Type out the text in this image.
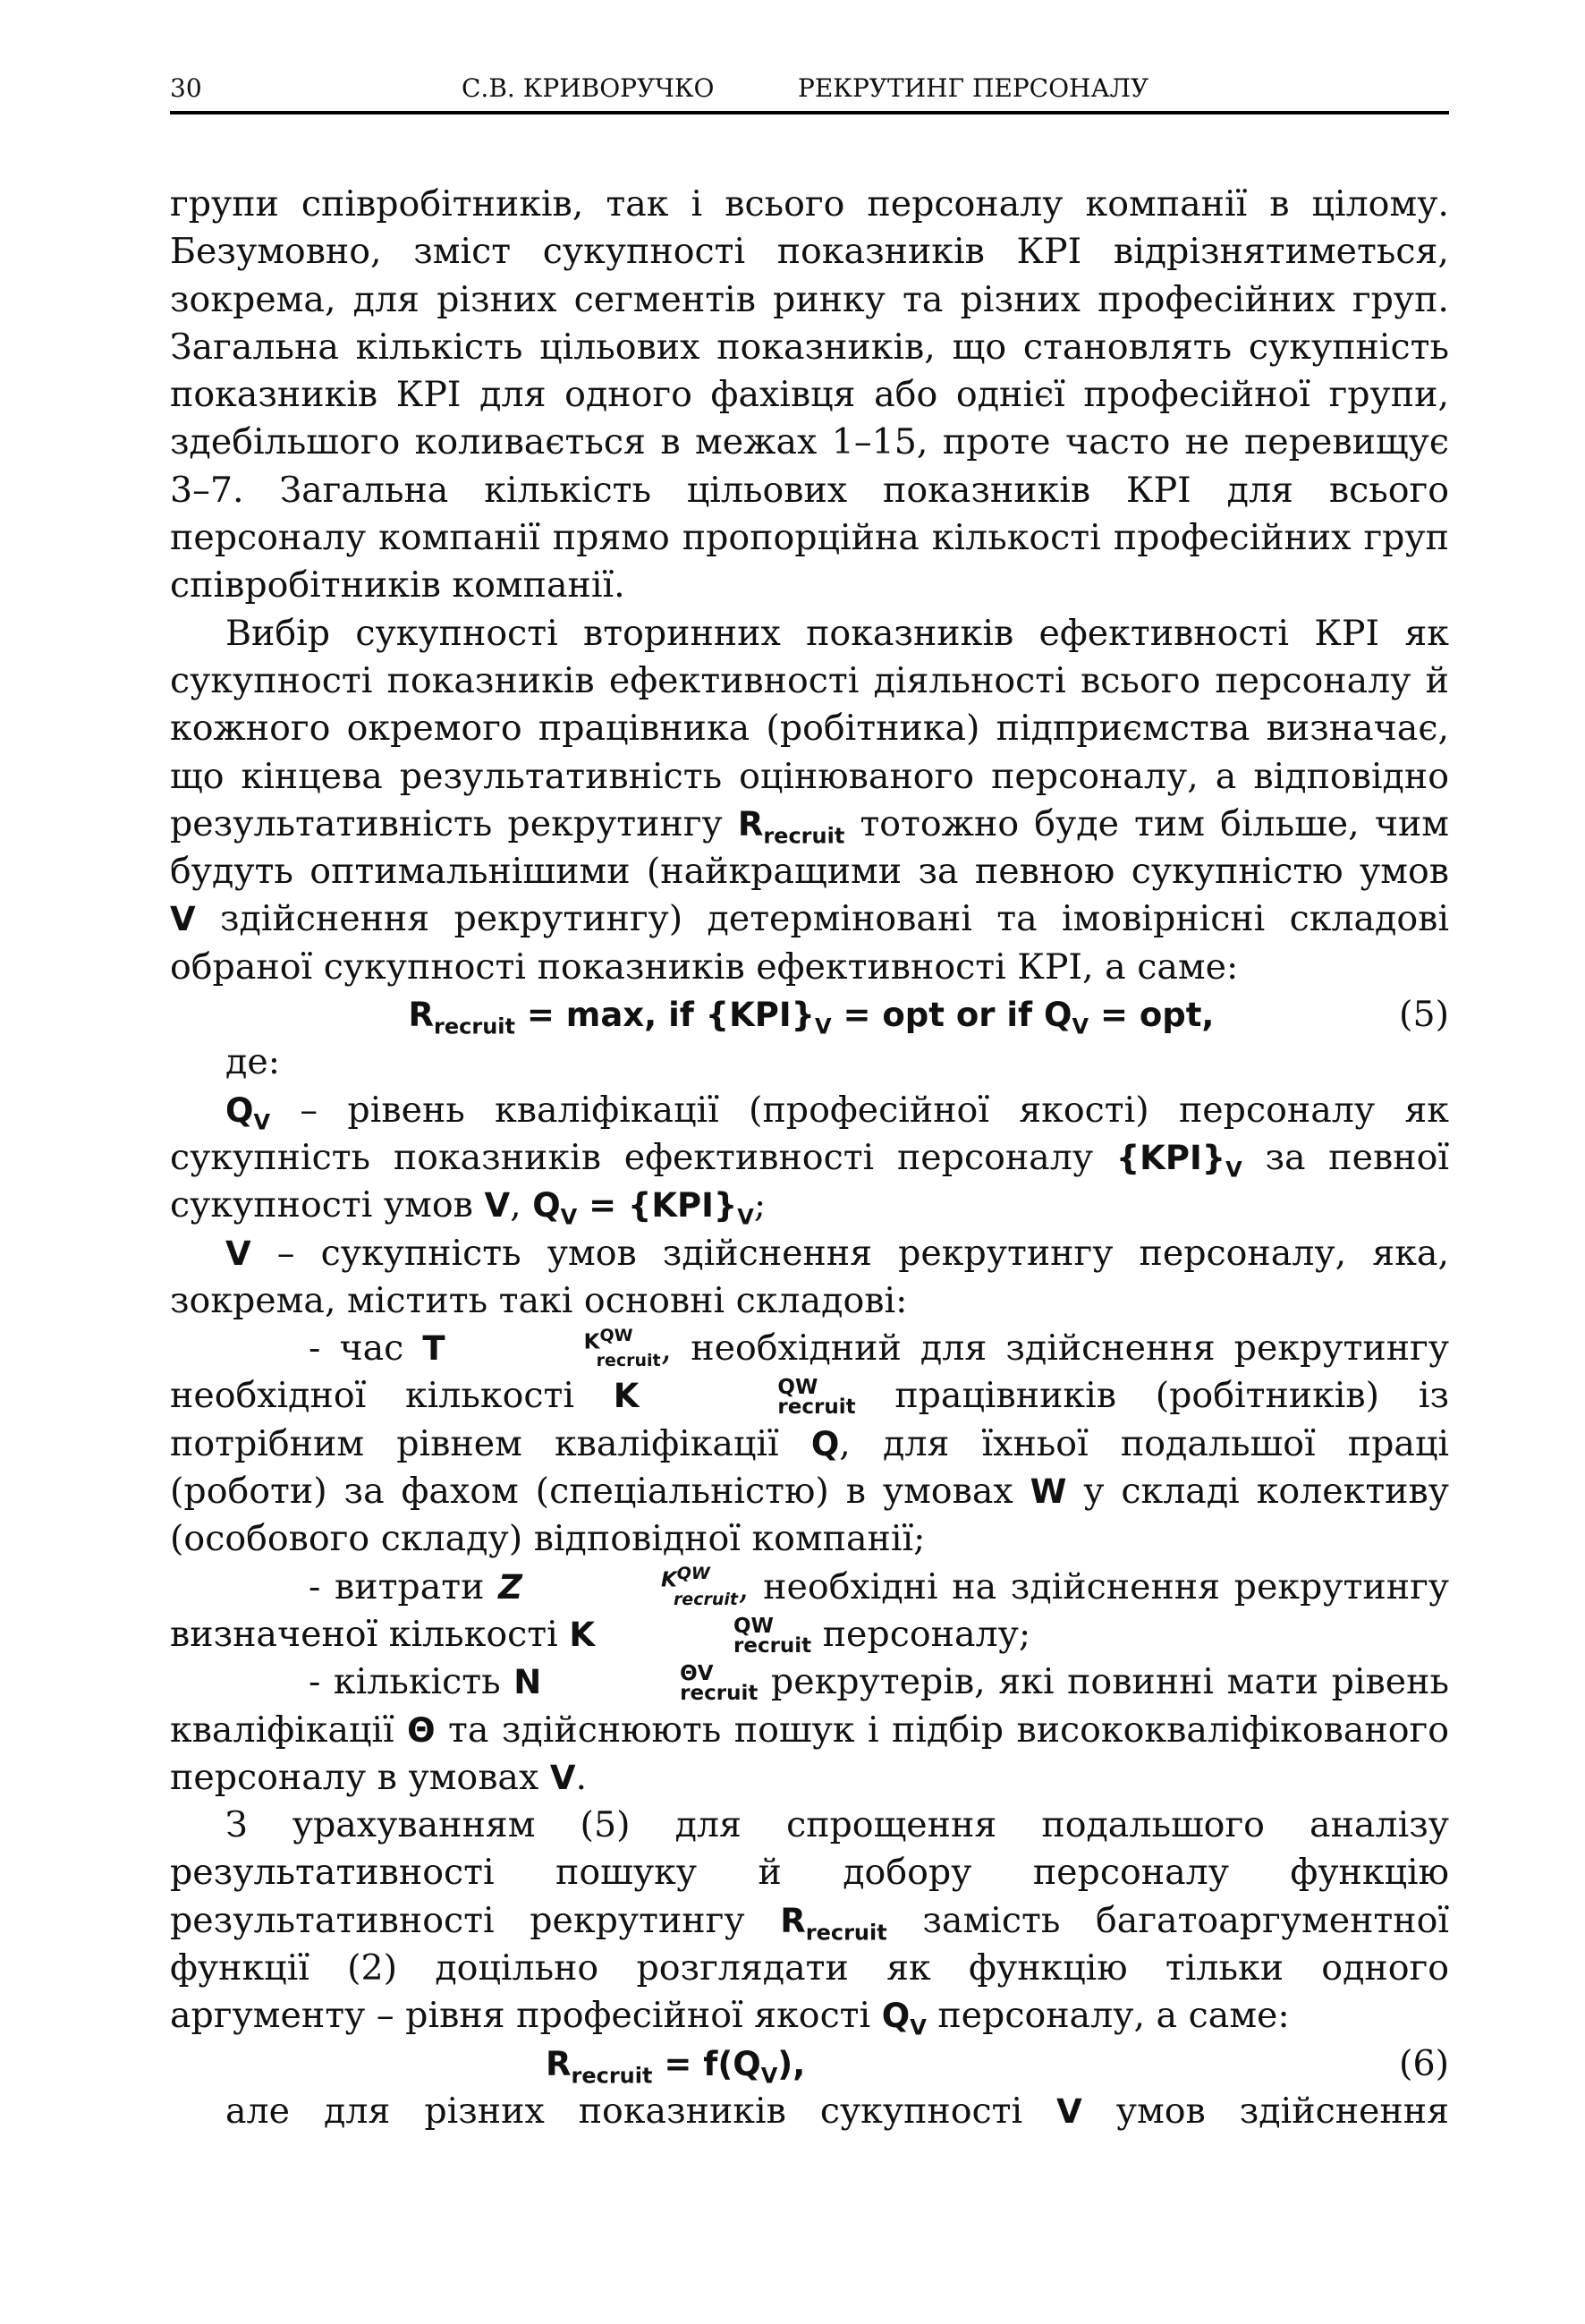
30	С.В. КРИВОРУЧКО	РЕКРУТИНГ ПЕРСОНАЛУ

групи співробітників, так і всього персоналу компанії в цілому. Безумовно, зміст сукупності показників КРІ відрізнятиметься, зокрема, для різних сегментів ринку та різних професійних груп. Загальна кількість цільових показників, що становлять сукупність показників КРІ для одного фахівця або однієї професійної групи, здебільшого коливається в межах 1–15, проте часто не перевищує 3–7. Загальна кількість цільових показників КРІ для всього персоналу компанії прямо пропорційна кількості професійних груп співробітників компанії.

Вибір сукупності вторинних показників ефективності КРІ як сукупності показників ефективності діяльності всього персоналу й кожного окремого працівника (робітника) підприємства визначає, що кінцева результативність оцінюваного персоналу, а відповідно результативність рекрутингу $R_{recruit}$ тотожно буде тим більше, чим будуть оптимальнішими (найкращими за певною сукупністю умов V здійснення рекрутингу) детерміновані та імовірнісні складові обраної сукупності показників ефективності КРІ, а саме:

$R_{recruit} = \max$, if $\{KPI\}_V$ = opt or if $Q_V$ = opt,	(5)

де:

$Q_V$ – рівень кваліфікації (професійної якості) персоналу як сукупність показників ефективності персоналу $\{KPI\}_V$ за певної сукупності умов V, $Q_V = \{KPI\}_V$;

V – сукупність умов здійснення рекрутингу персоналу, яка, зокрема, містить такі основні складові:

- час T	$K^{QW}$
recruit , необхідний для здійснення рекрутингу необхідної кількості K	QW
recruit працівників (робітників) із потрібним рівнем кваліфікації Q, для їхньої подальшої праці (роботи) за фахом (спеціальністю) в умовах W у складі колективу (особового складу) відповідної компанії;

- витрати Z	$K^{QW}$
recruit , необхідні на здійснення рекрутингу визначеної кількості K	QW
recruit персоналу;

- кількість N	ΘV
recruit рекрутерів, які повинні мати рівень кваліфікації Θ та здійснюють пошук і підбір висококваліфікованого персоналу в умовах V.

З урахуванням (5) для спрощення подальшого аналізу результативності пошуку й добору персоналу функцію результативності рекрутингу $R_{recruit}$ замість багатоаргументної функції (2) доцільно розглядати як функцію тільки одного аргументу – рівня професійної якості $Q_V$ персоналу, а саме:

$R_{recruit} = f(Q_V)$,	(6)

але для різних показників сукупності V умов здійснення
